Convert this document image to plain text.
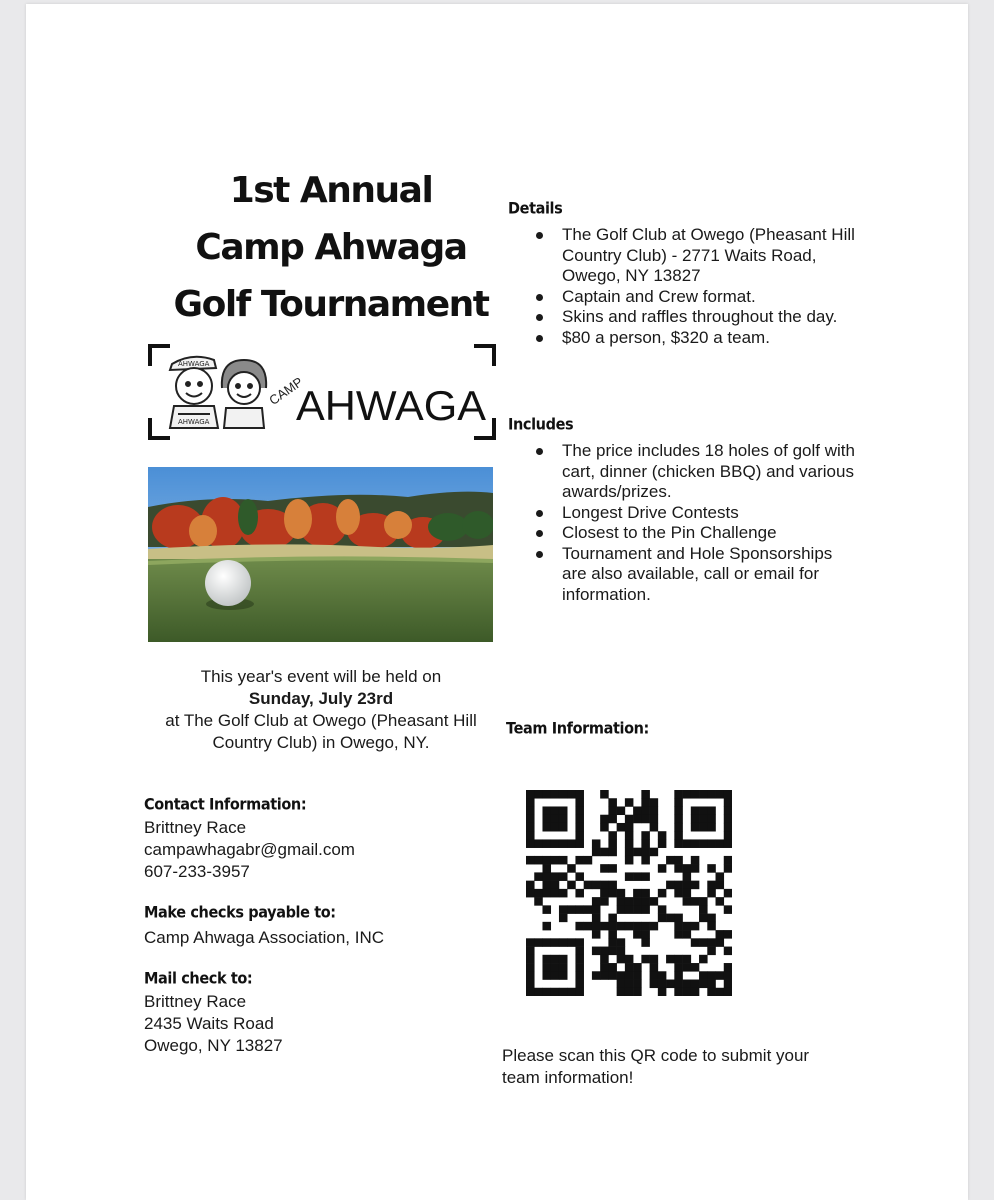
1st Annual
Camp Ahwaga
Golf Tournament
AHWAGA
AHWAGA
CAMP
AHWAGA
This year's event will be held on
Sunday, July 23rd
at The Golf Club at Owego (Pheasant Hill
Country Club) in Owego, NY.
Contact Information:
Brittney Race
campawhagabr@gmail.com
607-233-3957
Make checks payable to:
Camp Ahwaga Association, INC
Mail check to:
Brittney Race
2435 Waits Road
Owego, NY 13827
Details
The Golf Club at Owego (Pheasant Hill Country Club) - 2771 Waits Road, Owego, NY 13827
Captain and Crew format.
Skins and raffles throughout the day.
$80 a person, $320 a team.
Includes
The price includes 18 holes of golf with cart, dinner (chicken BBQ) and various awards/prizes.
Longest Drive Contests
Closest to the Pin Challenge
Tournament and Hole Sponsorships are also available, call or email for information.
Team Information:
Please scan this QR code to submit your
team information!
